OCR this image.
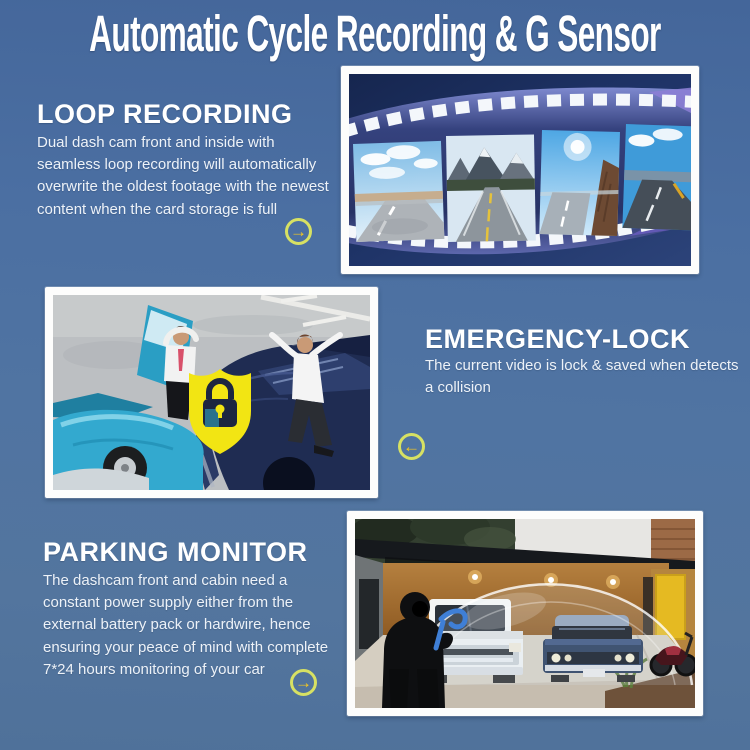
Automatic Cycle Recording & G Sensor
LOOP RECORDING

Dual dash cam front and inside with seamless loop recording will automatically overwrite the oldest footage with the newest content when the card storage is full

→
EMERGENCY-LOCK

The current video is lock & saved when detects a collision

←
PARKING MONITOR

The dashcam front and cabin need a constant power supply either from the external battery pack or hardwire, hence ensuring your peace of mind with complete 7*24 hours monitoring of your car

→
